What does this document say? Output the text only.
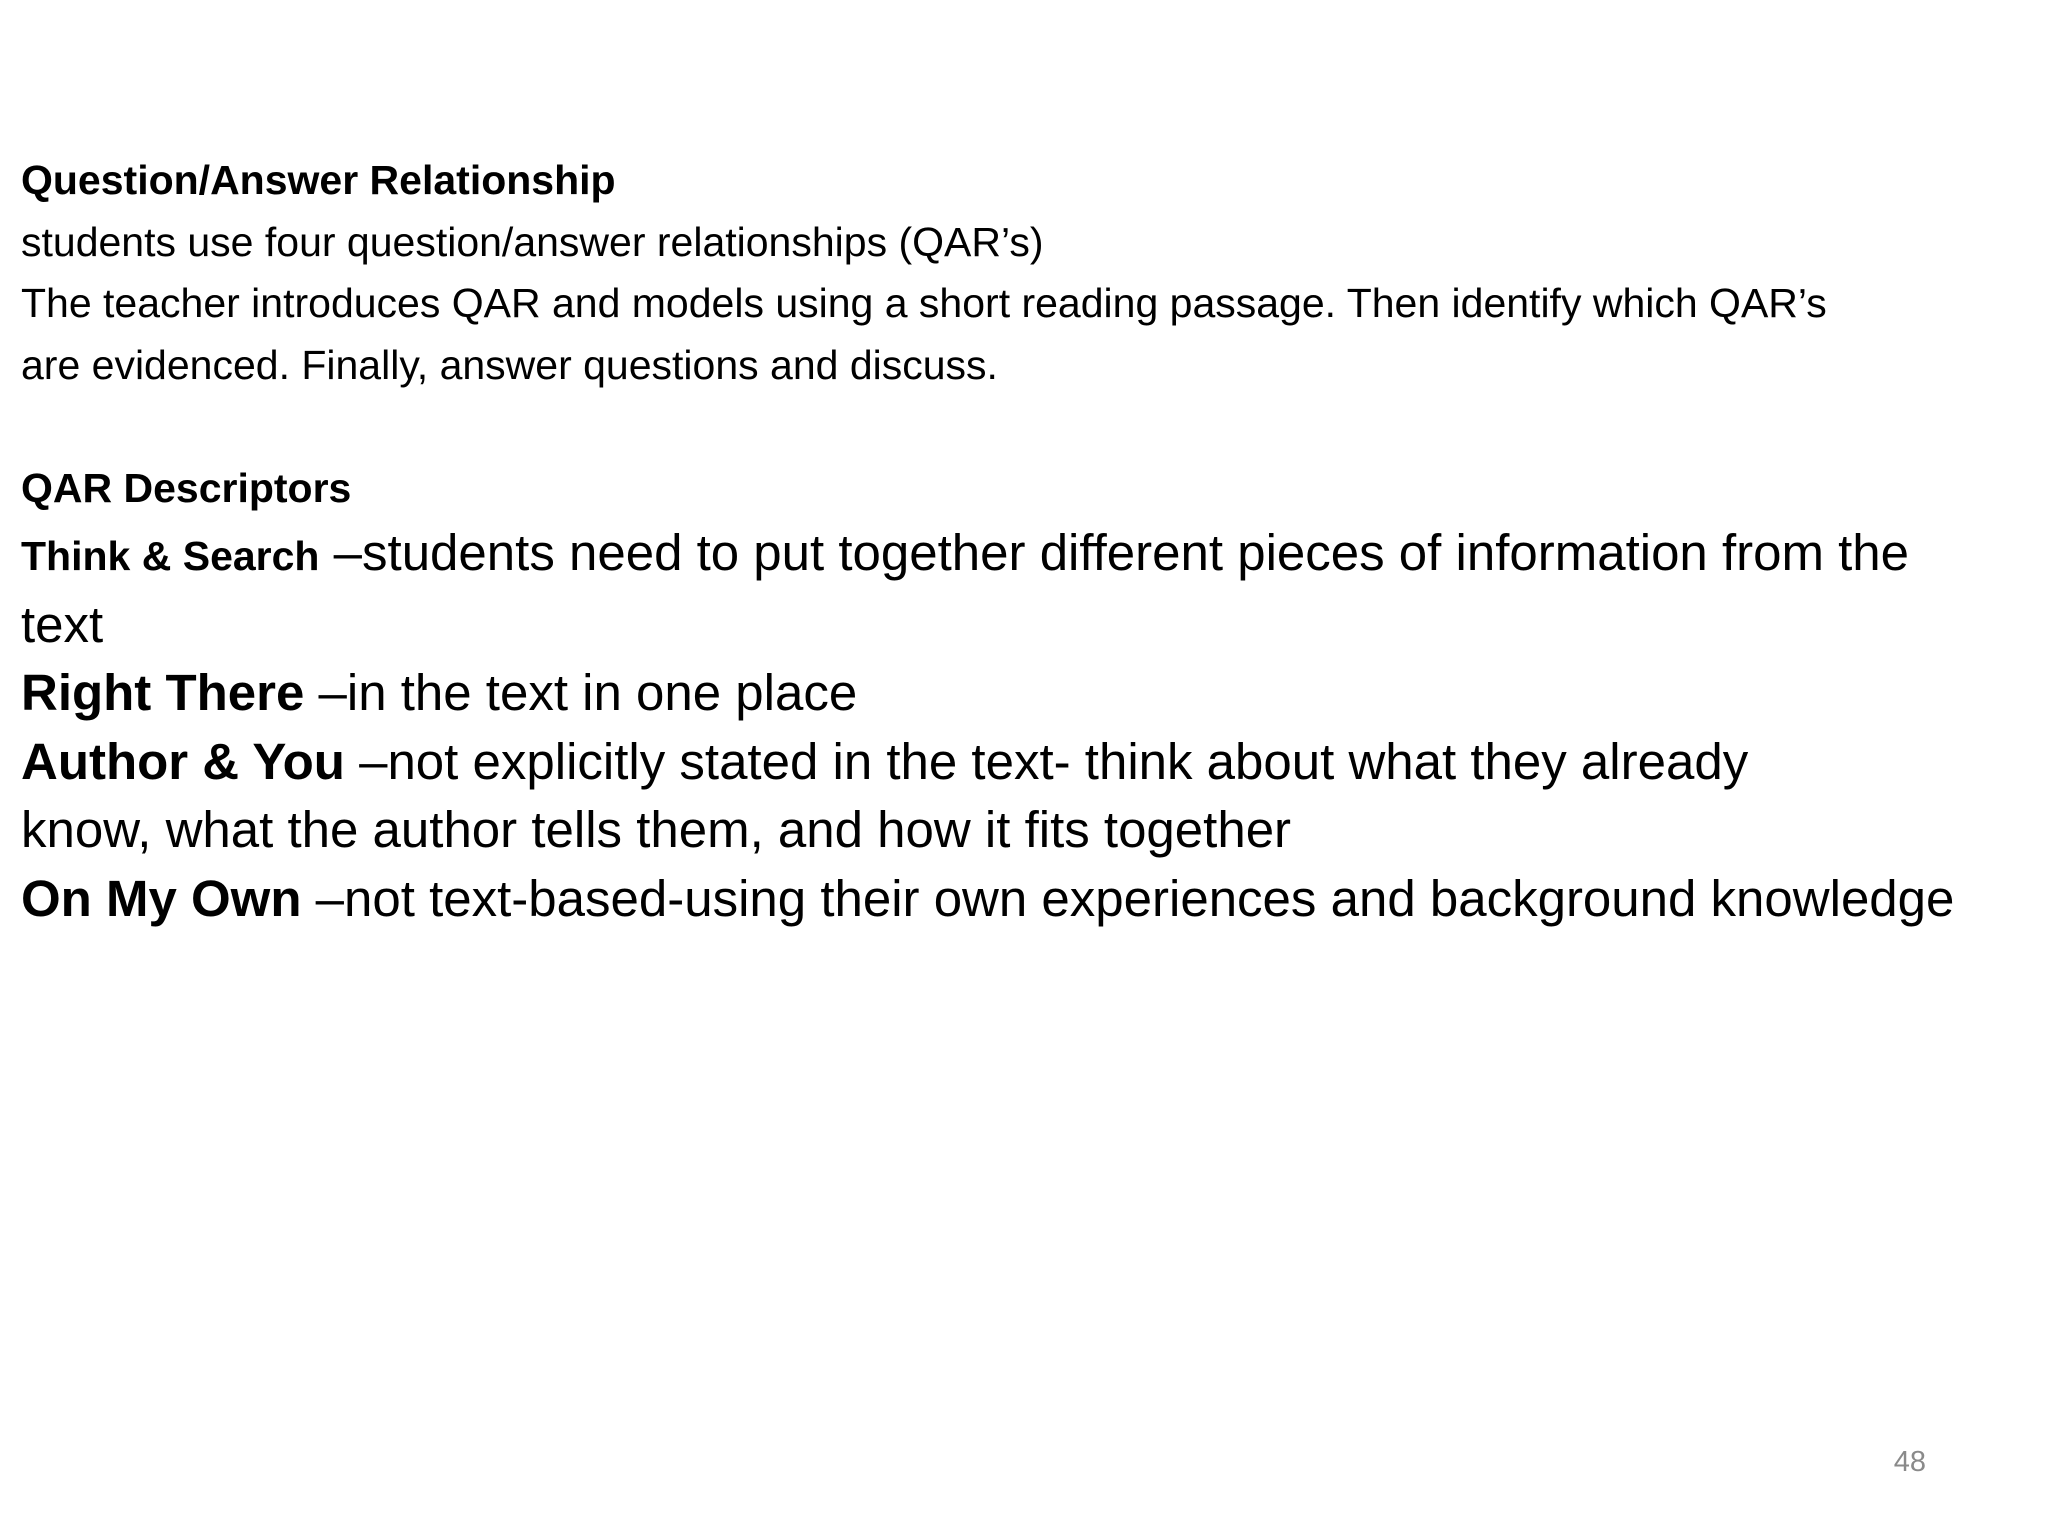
Question/Answer Relationship
students use four question/answer relationships (QAR’s)
The teacher introduces QAR and models using a short reading passage. Then identify which QAR’s
are evidenced. Finally, answer questions and discuss.
QAR Descriptors
Think & Search –students need to put together different pieces of information from the
text
Right There –in the text in one place
Author & You –not explicitly stated in the text- think about what they already
know, what the author tells them, and how it fits together
On My Own –not text-based-using their own experiences and background knowledge
48
